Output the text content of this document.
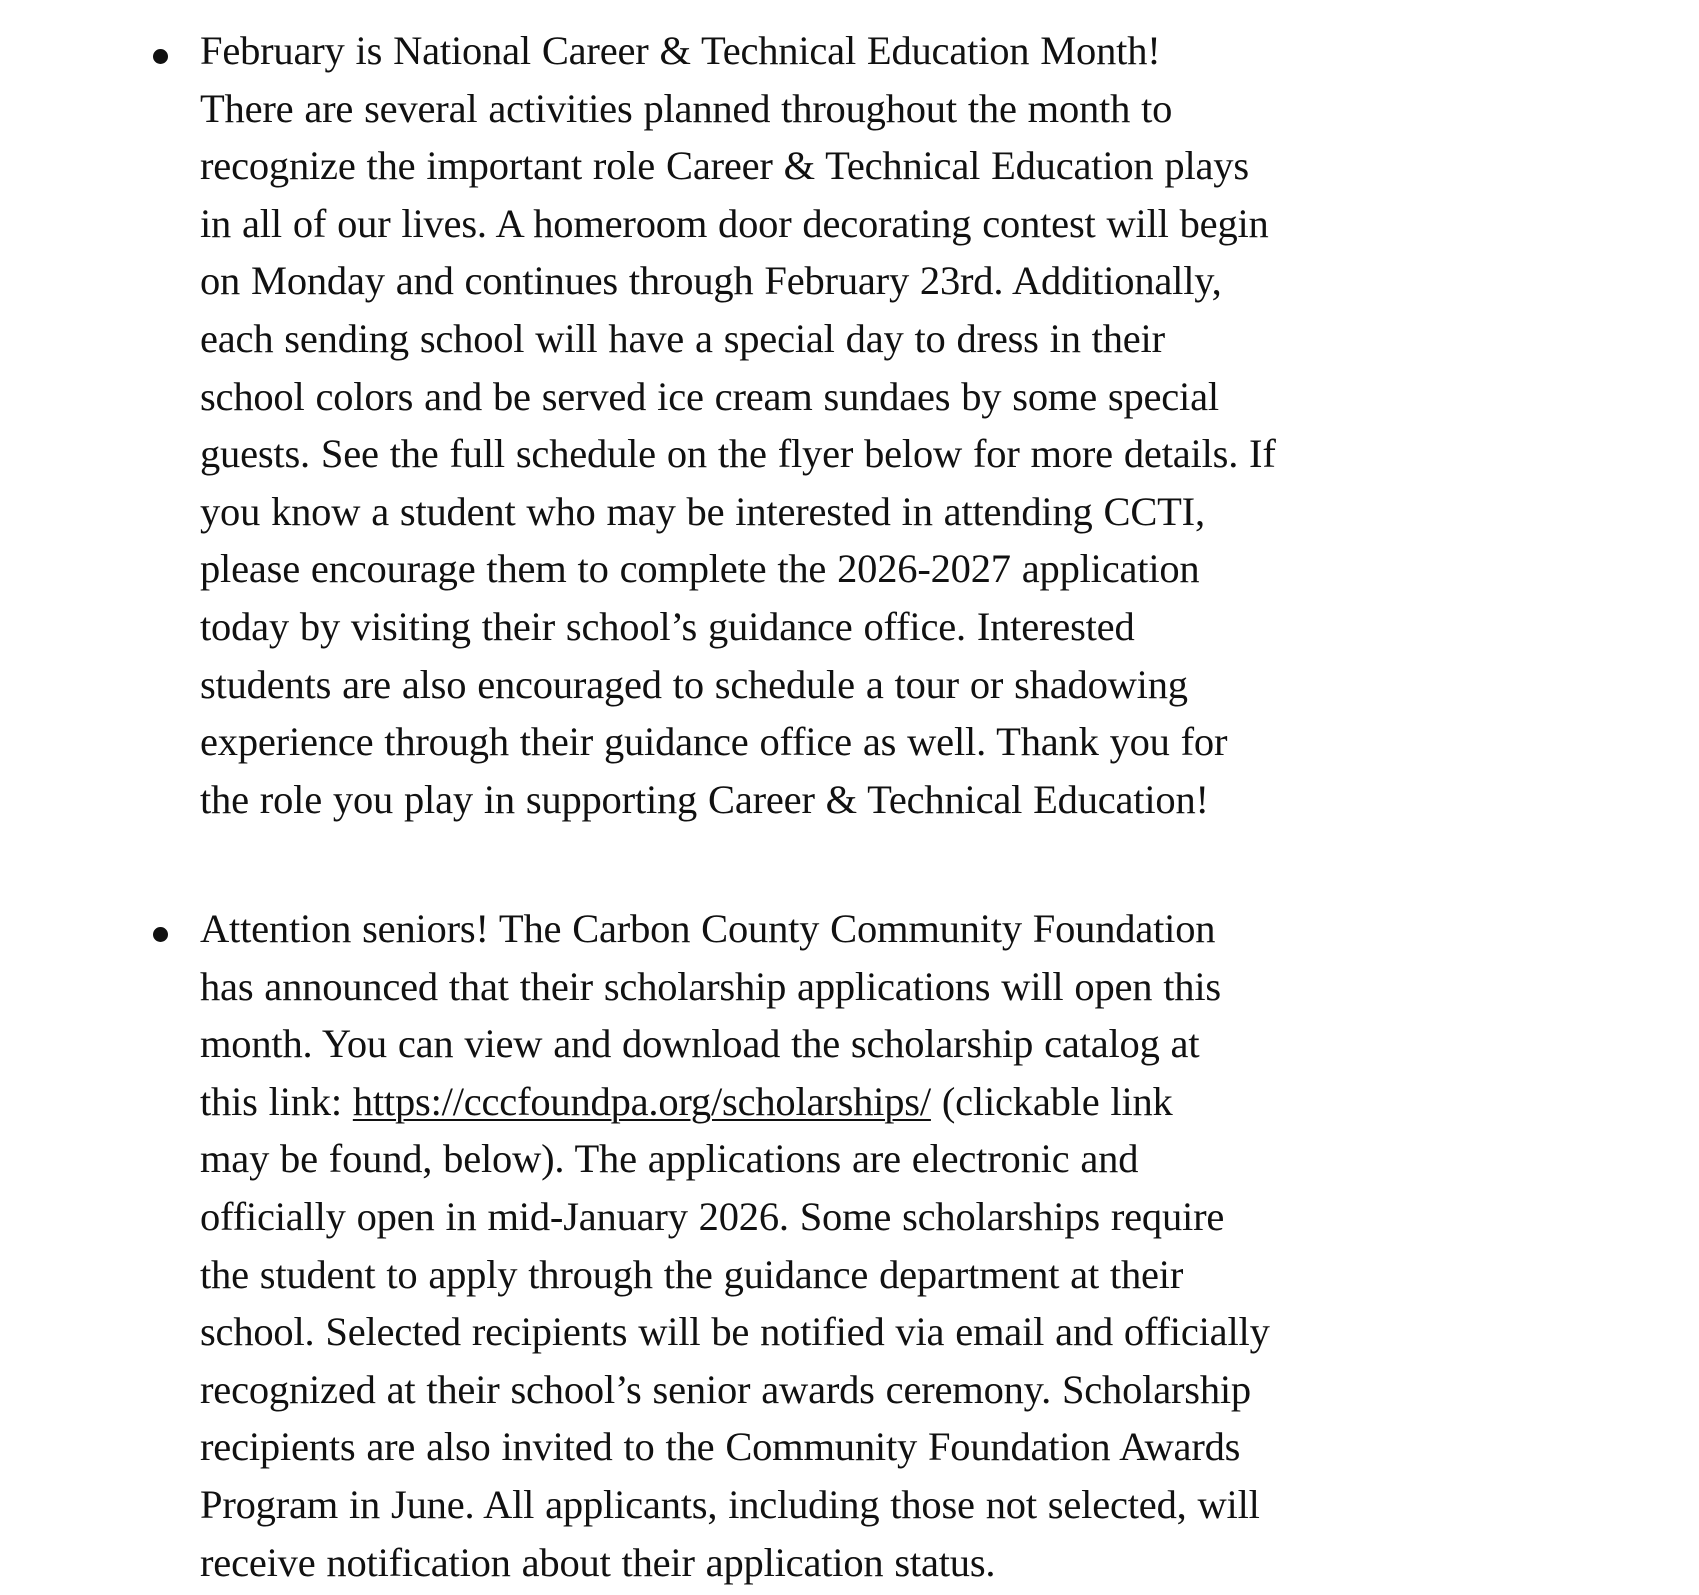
February is National Career & Technical Education Month!
There are several activities planned throughout the month to
recognize the important role Career & Technical Education plays
in all of our lives. A homeroom door decorating contest will begin
on Monday and continues through February 23rd. Additionally,
each sending school will have a special day to dress in their
school colors and be served ice cream sundaes by some special
guests. See the full schedule on the flyer below for more details. If
you know a student who may be interested in attending CCTI,
please encourage them to complete the 2026-2027 application
today by visiting their school’s guidance office. Interested
students are also encouraged to schedule a tour or shadowing
experience through their guidance office as well. Thank you for
the role you play in supporting Career & Technical Education!

Attention seniors! The Carbon County Community Foundation
has announced that their scholarship applications will open this
month. You can view and download the scholarship catalog at
this link: https://cccfoundpa.org/scholarships/ (clickable link
may be found, below). The applications are electronic and
officially open in mid-January 2026. Some scholarships require
the student to apply through the guidance department at their
school. Selected recipients will be notified via email and officially
recognized at their school’s senior awards ceremony. Scholarship
recipients are also invited to the Community Foundation Awards
Program in June. All applicants, including those not selected, will
receive notification about their application status.
